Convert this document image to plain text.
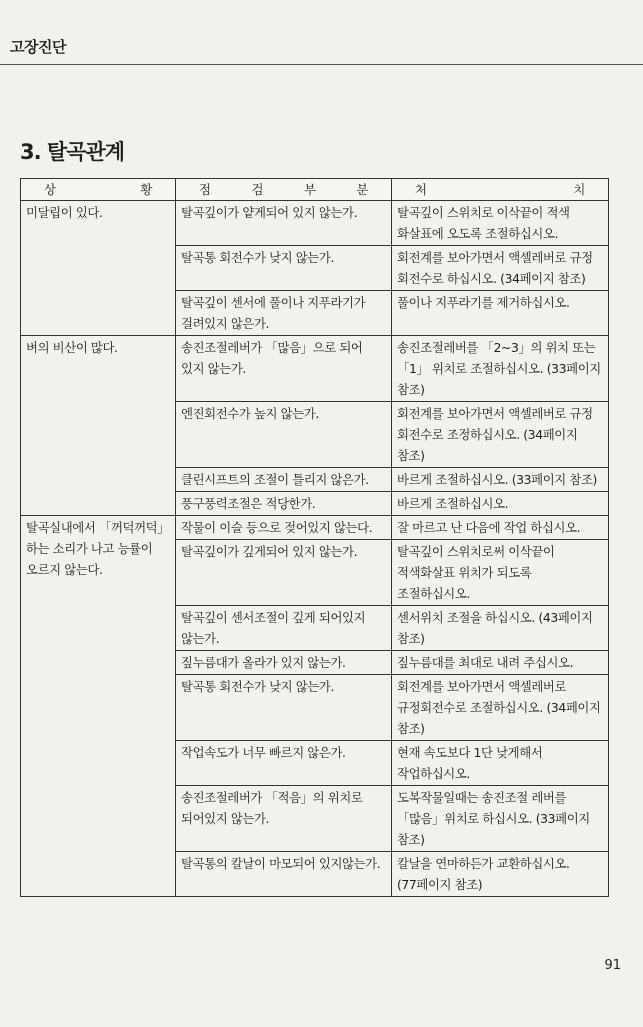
고장진단
3. 탈곡관계
상 황	점 검 부 분	처 치

미달립이 있다.	탈곡깊이가 얕게되어 있지 않는가.	탈곡깊이 스위치로 이삭끝이 적색 화살표에 오도록 조절하십시오.
	탈곡통 회전수가 낮지 않는가.	회전계를 보아가면서 액셀레버로 규정 회전수로 하십시오. (34페이지 참조)
	탈곡깊이 센서에 풀이나 지푸라기가 걸려있지 않은가.	풀이나 지푸라기를 제거하십시오.
벼의 비산이 많다.	송진조절레버가 「많음」으로 되어 있지 않는가.	송진조절레버를 「2~3」의 위치 또는 「1」 위치로 조절하십시오. (33페이지 참조)
	엔진회전수가 높지 않는가.	회전계를 보아가면서 액셀레버로 규정 회전수로 조정하십시오. (34페이지 참조)
	클린시프트의 조절이 틀리지 않은가.	바르게 조절하십시오. (33페이지 참조)
	풍구풍력조절은 적당한가.	바르게 조절하십시오.
탈곡실내에서 「꺼덕꺼덕」하는 소리가 나고 능률이 오르지 않는다.	작물이 이슬 등으로 젖어있지 않는다.	잘 마르고 난 다음에 작업 하십시오.
	탈곡깊이가 깊게되어 있지 않는가.	탈곡깊이 스위치로써 이삭끝이 적색화살표 위치가 되도록 조절하십시오.
	탈곡깊이 센서조절이 깊게 되어있지 않는가.	센서위치 조절을 하십시오. (43페이지 참조)
	짚누름대가 올라가 있지 않는가.	짚누름대를 최대로 내려 주십시오.
	탈곡통 회전수가 낮지 않는가.	회전계를 보아가면서 액셀레버로 규정회전수로 조절하십시오. (34페이지 참조)
	작업속도가 너무 빠르지 않은가.	현재 속도보다 1단 낮게해서 작업하십시오.
	송진조절레버가 「적음」의 위치로 되어있지 않는가.	도복작물일때는 송진조절 레버를 「많음」위치로 하십시오. (33페이지 참조)
	탈곡통의 칼날이 마모되어 있지않는가.	칼날을 연마하든가 교환하십시오. (77페이지 참조)
91
